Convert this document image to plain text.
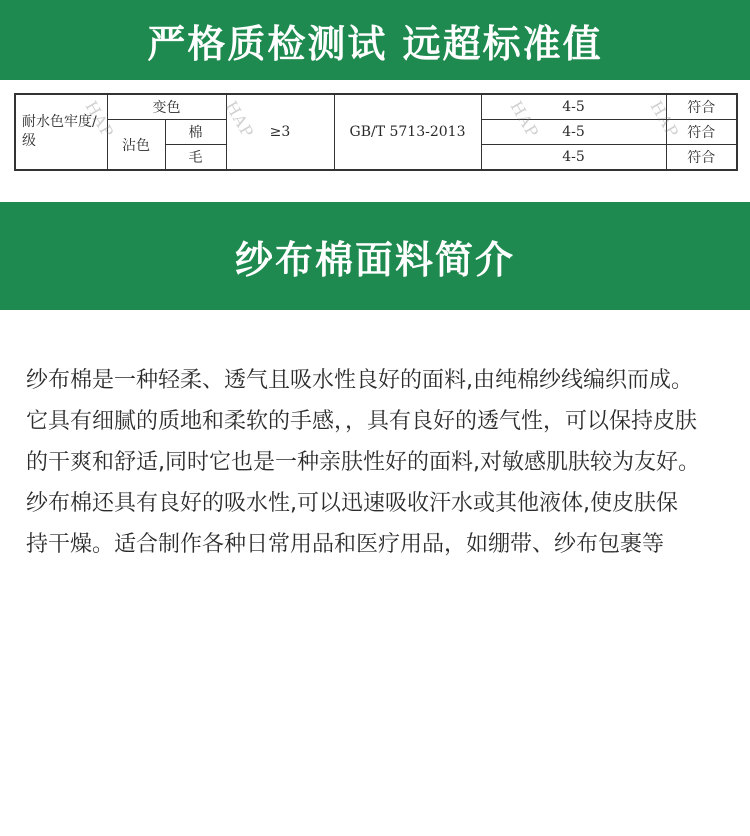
严格质检测试 远超标准值
耐水色牢度/级	变色		≥3	GB/T 5713-2013	4-5	符合
	沾色	棉			4-5	符合
		毛			4-5	符合
HAP	HAP	HAP	HAP
纱布棉面料简介

纱布棉是一种轻柔、透气且吸水性良好的面料,由纯棉纱线编织而成。

它具有细腻的质地和柔软的手感，，具有良好的透气性，可以保持皮肤

的干爽和舒适,同时它也是一种亲肤性好的面料,对敏感肌肤较为友好。

纱布棉还具有良好的吸水性,可以迅速吸收汗水或其他液体,使皮肤保

持干燥。适合制作各种日常用品和医疗用品，如绷带、纱布包裹等
